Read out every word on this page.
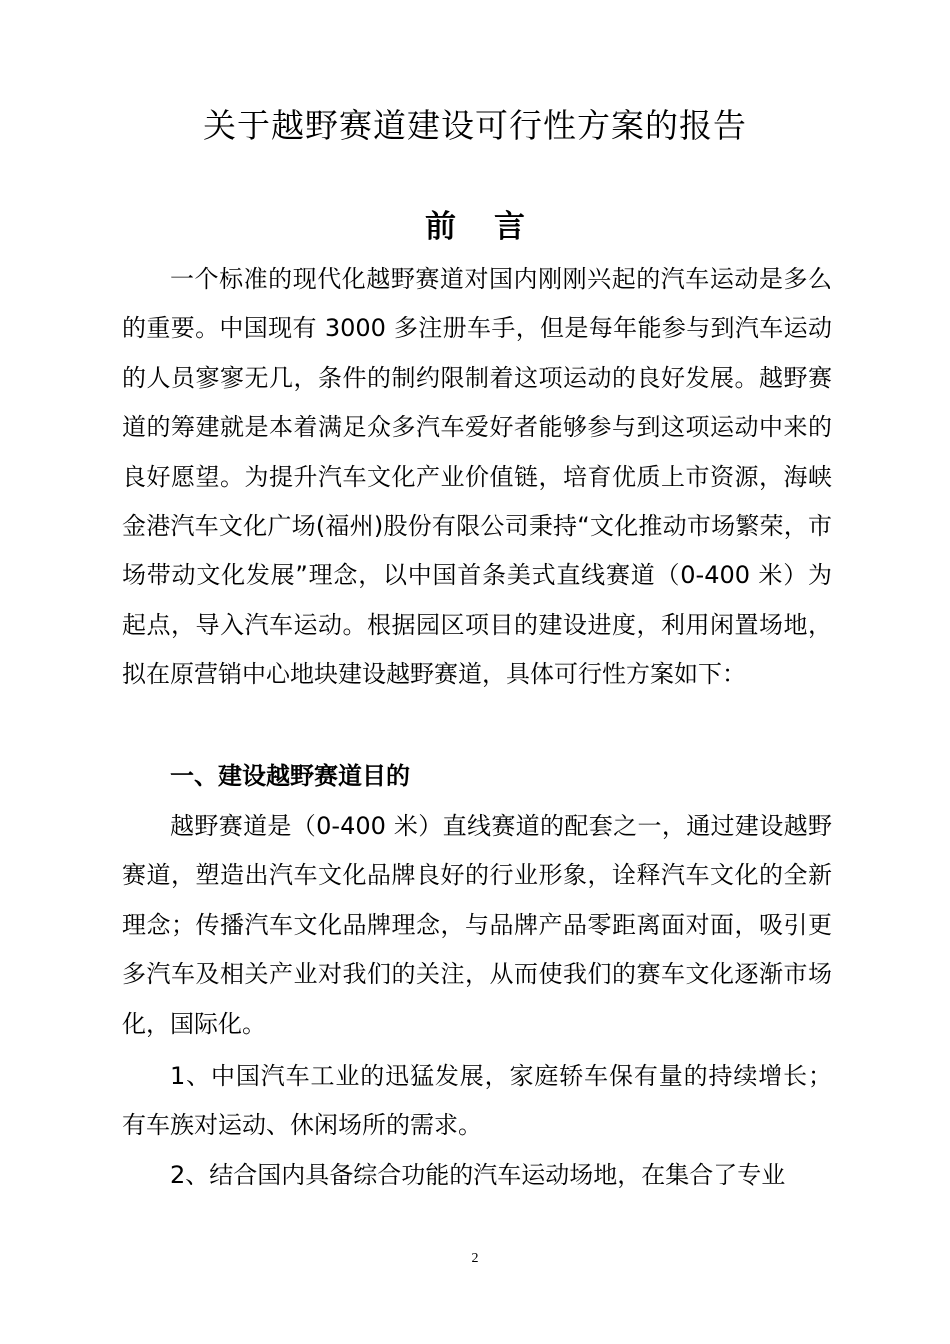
关于越野赛道建设可行性方案的报告
前言

一个标准的现代化越野赛道对国内刚刚兴起的汽车运动是多么的重要。中国现有 3000 多注册车手，但是每年能参与到汽车运动的人员寥寥无几，条件的制约限制着这项运动的良好发展。越野赛道的筹建就是本着满足众多汽车爱好者能够参与到这项运动中来的良好愿望。为提升汽车文化产业价值链，培育优质上市资源，海峡金港汽车文化广场(福州)股份有限公司秉持“文化推动市场繁荣，市场带动文化发展”理念，以中国首条美式直线赛道（0-400 米）为起点，导入汽车运动。根据园区项目的建设进度，利用闲置场地，拟在原营销中心地块建设越野赛道，具体可行性方案如下：

一、建设越野赛道目的

越野赛道是（0-400 米）直线赛道的配套之一，通过建设越野赛道，塑造出汽车文化品牌良好的行业形象，诠释汽车文化的全新理念；传播汽车文化品牌理念，与品牌产品零距离面对面，吸引更多汽车及相关产业对我们的关注，从而使我们的赛车文化逐渐市场化，国际化。

1、中国汽车工业的迅猛发展，家庭轿车保有量的持续增长；有车族对运动、休闲场所的需求。

2、结合国内具备综合功能的汽车运动场地，在集合了专业

2
